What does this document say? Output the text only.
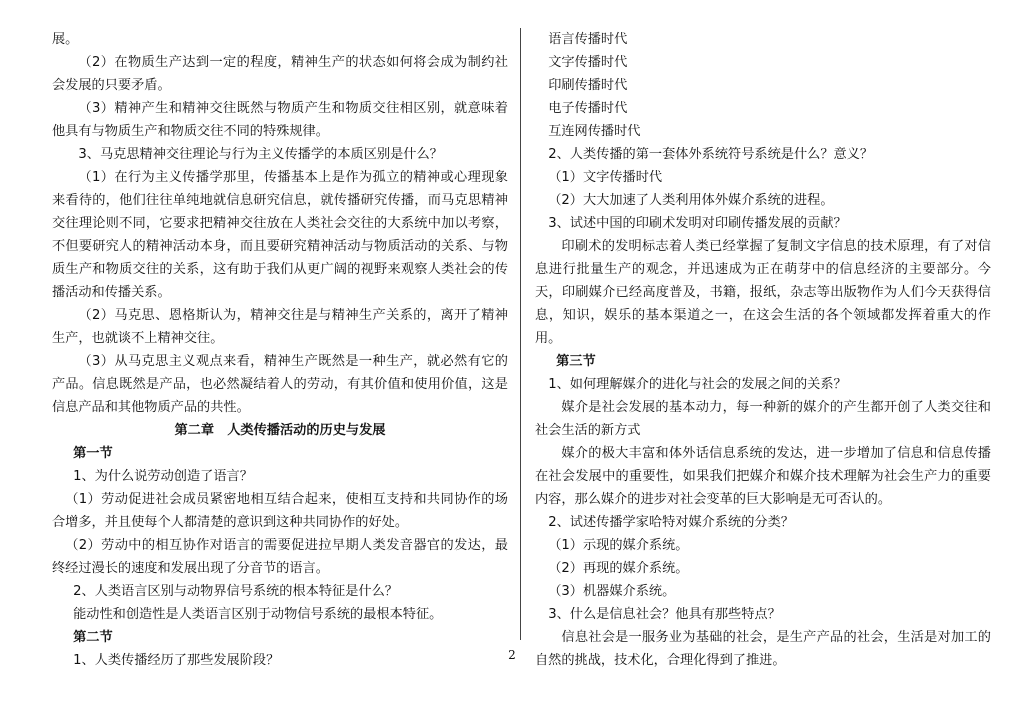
展。

（2）在物质生产达到一定的程度，精神生产的状态如何将会成为制约社会发展的只要矛盾。

（3）精神产生和精神交往既然与物质产生和物质交往相区别，就意味着他具有与物质生产和物质交往不同的特殊规律。

3、马克思精神交往理论与行为主义传播学的本质区别是什么？

（1）在行为主义传播学那里，传播基本上是作为孤立的精神或心理现象来看待的，他们往往单纯地就信息研究信息，就传播研究传播，而马克思精神交往理论则不同，它要求把精神交往放在人类社会交往的大系统中加以考察，不但要研究人的精神活动本身，而且要研究精神活动与物质活动的关系、与物质生产和物质交往的关系，这有助于我们从更广阔的视野来观察人类社会的传播活动和传播关系。

（2）马克思、恩格斯认为，精神交往是与精神生产关系的，离开了精神生产，也就谈不上精神交往。

（3）从马克思主义观点来看，精神生产既然是一种生产，就必然有它的产品。信息既然是产品，也必然凝结着人的劳动，有其价值和使用价值，这是信息产品和其他物质产品的共性。

第二章　人类传播活动的历史与发展

第一节

1、为什么说劳动创造了语言？

（1）劳动促进社会成员紧密地相互结合起来，使相互支持和共同协作的场合增多，并且使每个人都清楚的意识到这种共同协作的好处。

（2）劳动中的相互协作对语言的需要促进拉早期人类发音器官的发达，最终经过漫长的速度和发展出现了分音节的语言。

2、人类语言区别与动物界信号系统的根本特征是什么？

能动性和创造性是人类语言区别于动物信号系统的最根本特征。

第二节

1、人类传播经历了那些发展阶段？

语言传播时代

文字传播时代

印刷传播时代

电子传播时代

互连网传播时代

2、人类传播的第一套体外系统符号系统是什么？意义？

（1）文字传播时代

（2）大大加速了人类利用体外媒介系统的进程。

3、试述中国的印刷术发明对印刷传播发展的贡献？

印刷术的发明标志着人类已经掌握了复制文字信息的技术原理，有了对信息进行批量生产的观念，并迅速成为正在萌芽中的信息经济的主要部分。今天，印刷媒介已经高度普及，书籍，报纸，杂志等出版物作为人们今天获得信息，知识，娱乐的基本渠道之一，在这会生活的各个领域都发挥着重大的作用。

第三节

1、如何理解媒介的进化与社会的发展之间的关系？

媒介是社会发展的基本动力，每一种新的媒介的产生都开创了人类交往和社会生活的新方式

媒介的极大丰富和体外话信息系统的发达，进一步增加了信息和信息传播在社会发展中的重要性，如果我们把媒介和媒介技术理解为社会生产力的重要内容，那么媒介的进步对社会变革的巨大影响是无可否认的。

2、试述传播学家哈特对媒介系统的分类？

（1）示现的媒介系统。

（2）再现的媒介系统。

（3）机器媒介系统。

3、什么是信息社会？他具有那些特点？

信息社会是一服务业为基础的社会，是生产产品的社会，生活是对加工的自然的挑战，技术化，合理化得到了推进。

2
